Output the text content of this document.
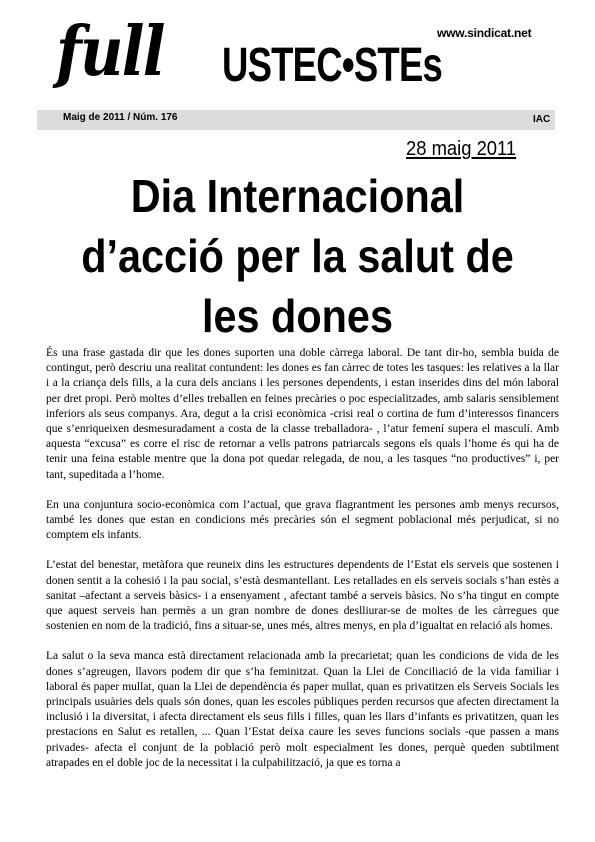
www.sindicat.net
full USTEC•STEs
Maig de 2011 / Núm. 176	IAC
28 maig 2011
Dia Internacional
d’acció per la salut de
les dones

És una frase gastada dir que les dones suporten una doble càrrega laboral. De tant dir-ho, sembla buida de contingut, però descriu una realitat contundent: les dones es fan càrrec de totes les tasques: les relatives a la llar i a la criança dels fills, a la cura dels ancians i les persones dependents, i estan inserides dins del món laboral per dret propi. Però moltes d’elles treballen en feines precàries o poc especialitzades, amb salaris sensiblement inferiors als seus companys. Ara, degut a la crisi econòmica -crisi real o cortina de fum d’interessos financers que s’enriqueixen desmesuradament a costa de la classe treballadora- , l’atur femení supera el masculí. Amb aquesta “excusa” es corre el risc de retornar a vells patrons patriarcals segons els quals l’home és qui ha de tenir una feina estable mentre que la dona pot quedar relegada, de nou, a les tasques “no productives” i, per tant, supeditada a l’home.

En una conjuntura socio-econòmica com l’actual, que grava flagrantment les persones amb menys recursos, també les dones que estan en condicions més precàries són el segment poblacional més perjudicat, si no comptem els infants.

L’estat del benestar, metàfora que reuneix dins les estructures dependents de l’Estat els serveis que sostenen i donen sentit a la cohesió i la pau social, s’està desmantellant. Les retallades en els serveis socials s’han estès a sanitat –afectant a serveis bàsics- i a ensenyament , afectant també a serveis bàsics. No s’ha tingut en compte que aquest serveis han permès a un gran nombre de dones deslliurar-se de moltes de les càrregues que sostenien en nom de la tradició, fins a situar-se, unes més, altres menys, en pla d’igualtat en relació als homes.

La salut o la seva manca està directament relacionada amb la precarietat; quan les condicions de vida de les dones s’agreugen, llavors podem dir que s’ha feminitzat. Quan la Llei de Conciliació de la vida familiar i laboral és paper mullat, quan la Llei de dependència és paper mullat, quan es privatitzen els Serveis Socials les principals usuàries dels quals són dones, quan les escoles públiques perden recursos que afecten directament la inclusió i la diversitat, i afecta directament els seus fills i filles, quan les llars d’infants es privatitzen, quan les prestacions en Salut es retallen, ... Quan l’Estat deixa caure les seves funcions socials -que passen a mans privades- afecta el conjunt de la població però molt especialment les dones, perquè queden subtilment atrapades en el doble joc de la necessitat i la culpabilització, ja que es torna a
